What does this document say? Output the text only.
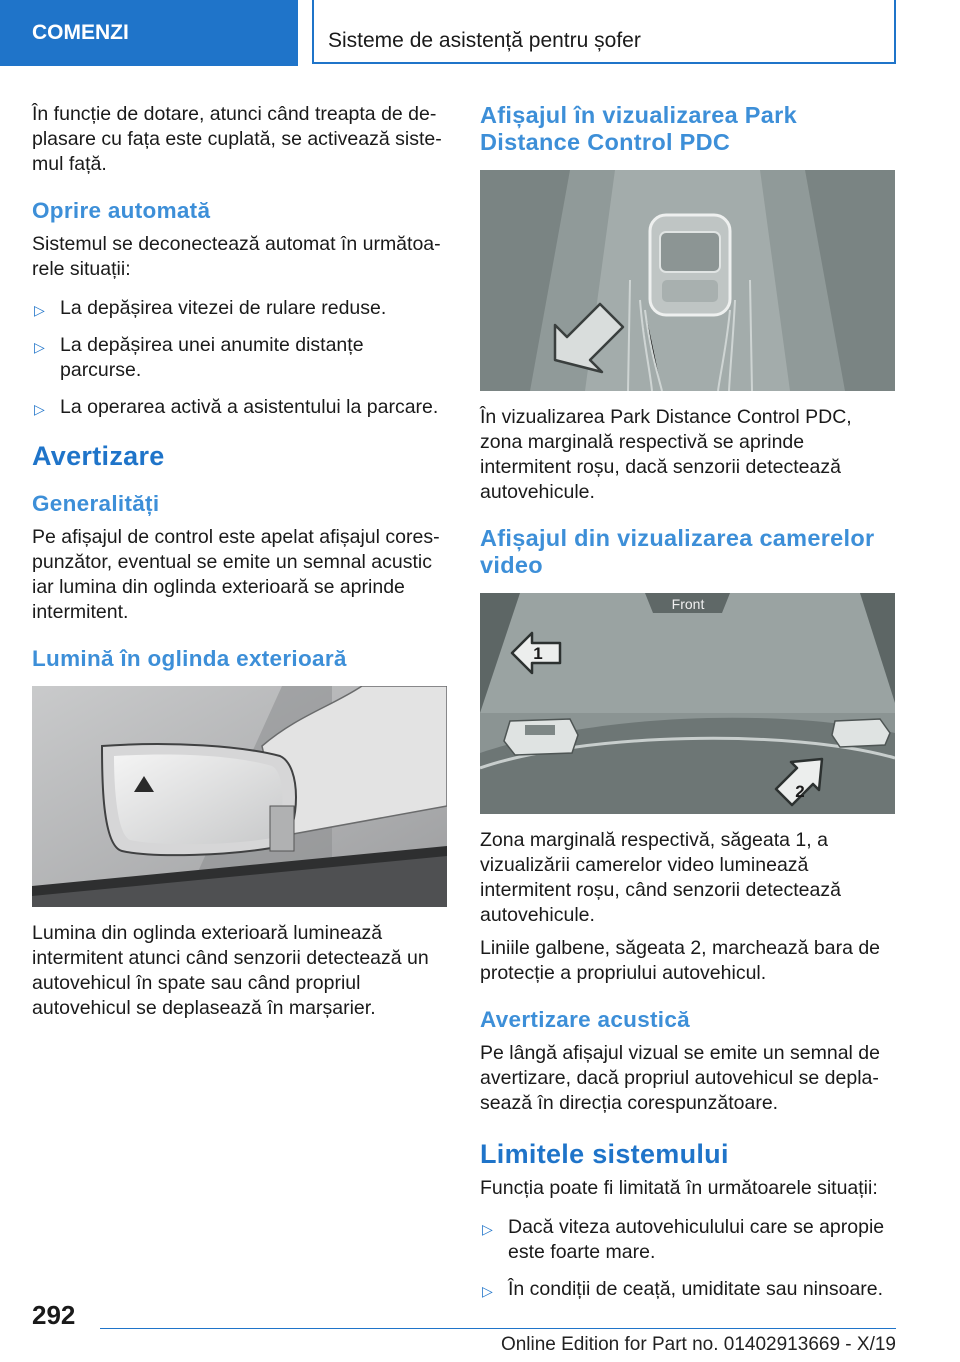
COMENZI	Sisteme de asistență pentru șofer

În funcție de dotare, atunci când treapta de deplasare cu fața este cuplată, se activează sistemul față.

Oprire automată

Sistemul se deconectează automat în următoarele situații:

▷ La depășirea vitezei de rulare reduse.
▷ La depășirea unei anumite distanțe parcurse.
▷ La operarea activă a asistentului la parcare.
Avertizare
Generalități

Pe afișajul de control este apelat afișajul corespunzător, eventual se emite un semnal acustic iar lumina din oglinda exterioară se aprinde intermitent.

Lumină în oglinda exterioară

Lumina din oglinda exterioară luminează intermitent atunci când senzorii detectează un autovehicul în spate sau când propriul autovehicul se deplasează în marșarier.

Afișajul în vizualizarea Park Distance Control PDC

În vizualizarea Park Distance Control PDC, zona marginală respectivă se aprinde intermitent roșu, dacă senzorii detectează autovehicule.

Afișajul din vizualizarea camerelor video
Front
1
2

Zona marginală respectivă, săgeata 1, a vizualizării camerelor video luminează intermitent roșu, când senzorii detectează autovehicule.

Liniile galbene, săgeata 2, marchează bara de protecție a propriului autovehicul.

Avertizare acustică

Pe lângă afișajul vizual se emite un semnal de avertizare, dacă propriul autovehicul se deplasează în direcția corespunzătoare.

Limitele sistemului

Funcția poate fi limitată în următoarele situații:

▷ Dacă viteza autovehiculului care se apropie este foarte mare.
▷ În condiții de ceață, umiditate sau ninsoare.
292
Online Edition for Part no. 01402913669 - X/19
